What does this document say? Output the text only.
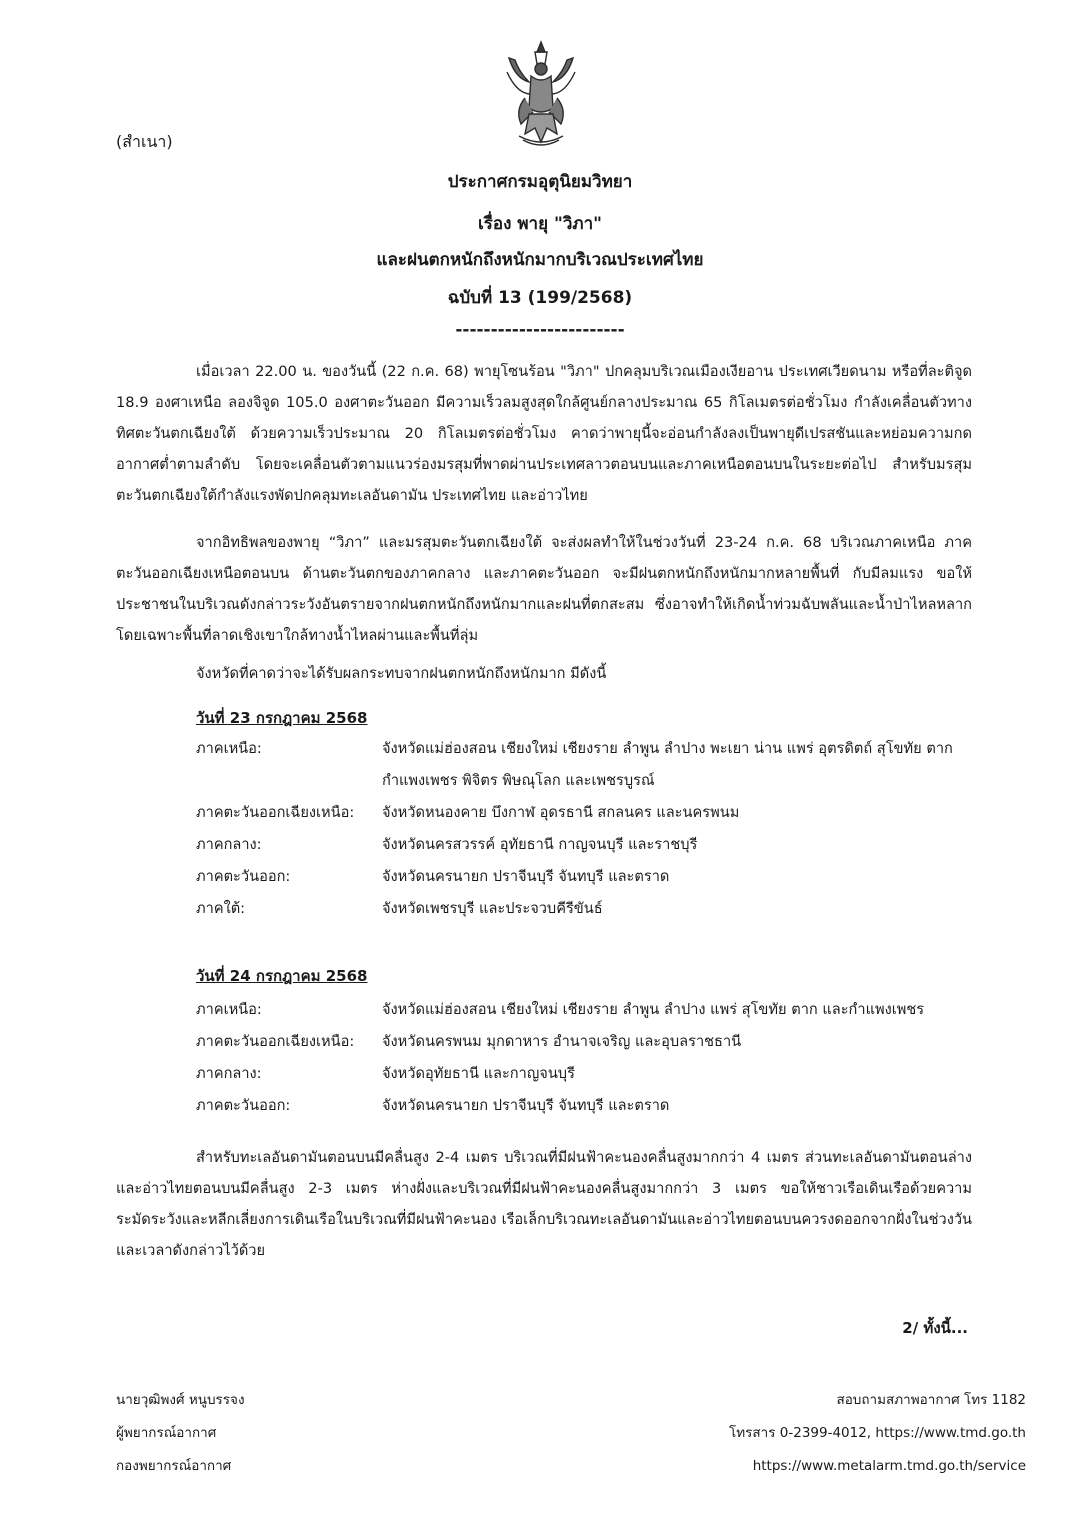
(สำเนา)
ประกาศกรมอุตุนิยมวิทยา
เรื่อง พายุ "วิภา"
และฝนตกหนักถึงหนักมากบริเวณประเทศไทย
ฉบับที่ 13 (199/2568)
------------------------

เมื่อเวลา 22.00 น. ของวันนี้ (22 ก.ค. 68) พายุโซนร้อน "วิภา" ปกคลุมบริเวณเมืองเงียอาน ประเทศเวียดนาม หรือที่ละติจูด 18.9 องศาเหนือ ลองจิจูด 105.0 องศาตะวันออก มีความเร็วลมสูงสุดใกล้ศูนย์กลางประมาณ 65 กิโลเมตรต่อชั่วโมง กำลังเคลื่อนตัวทางทิศตะวันตกเฉียงใต้ ด้วยความเร็วประมาณ 20 กิโลเมตรต่อชั่วโมง คาดว่าพายุนี้จะอ่อนกำลังลงเป็นพายุดีเปรสชันและหย่อมความกดอากาศต่ำตามลำดับ โดยจะเคลื่อนตัวตามแนวร่องมรสุมที่พาดผ่านประเทศลาวตอนบนและภาคเหนือตอนบนในระยะต่อไป สำหรับมรสุมตะวันตกเฉียงใต้กำลังแรงพัดปกคลุมทะเลอันดามัน ประเทศไทย และอ่าวไทย

จากอิทธิพลของพายุ “วิภา” และมรสุมตะวันตกเฉียงใต้ จะส่งผลทำให้ในช่วงวันที่ 23-24 ก.ค. 68 บริเวณภาคเหนือ ภาคตะวันออกเฉียงเหนือตอนบน ด้านตะวันตกของภาคกลาง และภาคตะวันออก จะมีฝนตกหนักถึงหนักมากหลายพื้นที่ กับมีลมแรง ขอให้ประชาชนในบริเวณดังกล่าวระวังอันตรายจากฝนตกหนักถึงหนักมากและฝนที่ตกสะสม ซึ่งอาจทำให้เกิดน้ำท่วมฉับพลันและน้ำป่าไหลหลาก โดยเฉพาะพื้นที่ลาดเชิงเขาใกล้ทางน้ำไหลผ่านและพื้นที่ลุ่ม

จังหวัดที่คาดว่าจะได้รับผลกระทบจากฝนตกหนักถึงหนักมาก มีดังนี้

วันที่ 23 กรกฎาคม 2568
ภาคเหนือ:	จังหวัดแม่ฮ่องสอน เชียงใหม่ เชียงราย ลำพูน ลำปาง พะเยา น่าน แพร่ อุตรดิตถ์ สุโขทัย ตาก กำแพงเพชร พิจิตร พิษณุโลก และเพชรบูรณ์
ภาคตะวันออกเฉียงเหนือ:	จังหวัดหนองคาย บึงกาฬ อุดรธานี สกลนคร และนครพนม
ภาคกลาง:	จังหวัดนครสวรรค์ อุทัยธานี กาญจนบุรี และราชบุรี
ภาคตะวันออก:	จังหวัดนครนายก ปราจีนบุรี จันทบุรี และตราด
ภาคใต้:	จังหวัดเพชรบุรี และประจวบคีรีขันธ์
วันที่ 24 กรกฎาคม 2568
ภาคเหนือ:	จังหวัดแม่ฮ่องสอน เชียงใหม่ เชียงราย ลำพูน ลำปาง แพร่ สุโขทัย ตาก และกำแพงเพชร
ภาคตะวันออกเฉียงเหนือ:	จังหวัดนครพนม มุกดาหาร อำนาจเจริญ และอุบลราชธานี
ภาคกลาง:	จังหวัดอุทัยธานี และกาญจนบุรี
ภาคตะวันออก:	จังหวัดนครนายก ปราจีนบุรี จันทบุรี และตราด

สำหรับทะเลอันดามันตอนบนมีคลื่นสูง 2-4 เมตร บริเวณที่มีฝนฟ้าคะนองคลื่นสูงมากกว่า 4 เมตร ส่วนทะเลอันดามันตอนล่างและอ่าวไทยตอนบนมีคลื่นสูง 2-3 เมตร ห่างฝั่งและบริเวณที่มีฝนฟ้าคะนองคลื่นสูงมากกว่า 3 เมตร ขอให้ชาวเรือเดินเรือด้วยความระมัดระวังและหลีกเลี่ยงการเดินเรือในบริเวณที่มีฝนฟ้าคะนอง เรือเล็กบริเวณทะเลอันดามันและอ่าวไทยตอนบนควรงดออกจากฝั่งในช่วงวันและเวลาดังกล่าวไว้ด้วย

2/ ทั้งนี้...
นายวุฒิพงศ์ หนูบรรจง
ผู้พยากรณ์อากาศ
กองพยากรณ์อากาศ
สอบถามสภาพอากาศ โทร 1182
โทรสาร 0-2399-4012, https://www.tmd.go.th
https://www.metalarm.tmd.go.th/service
